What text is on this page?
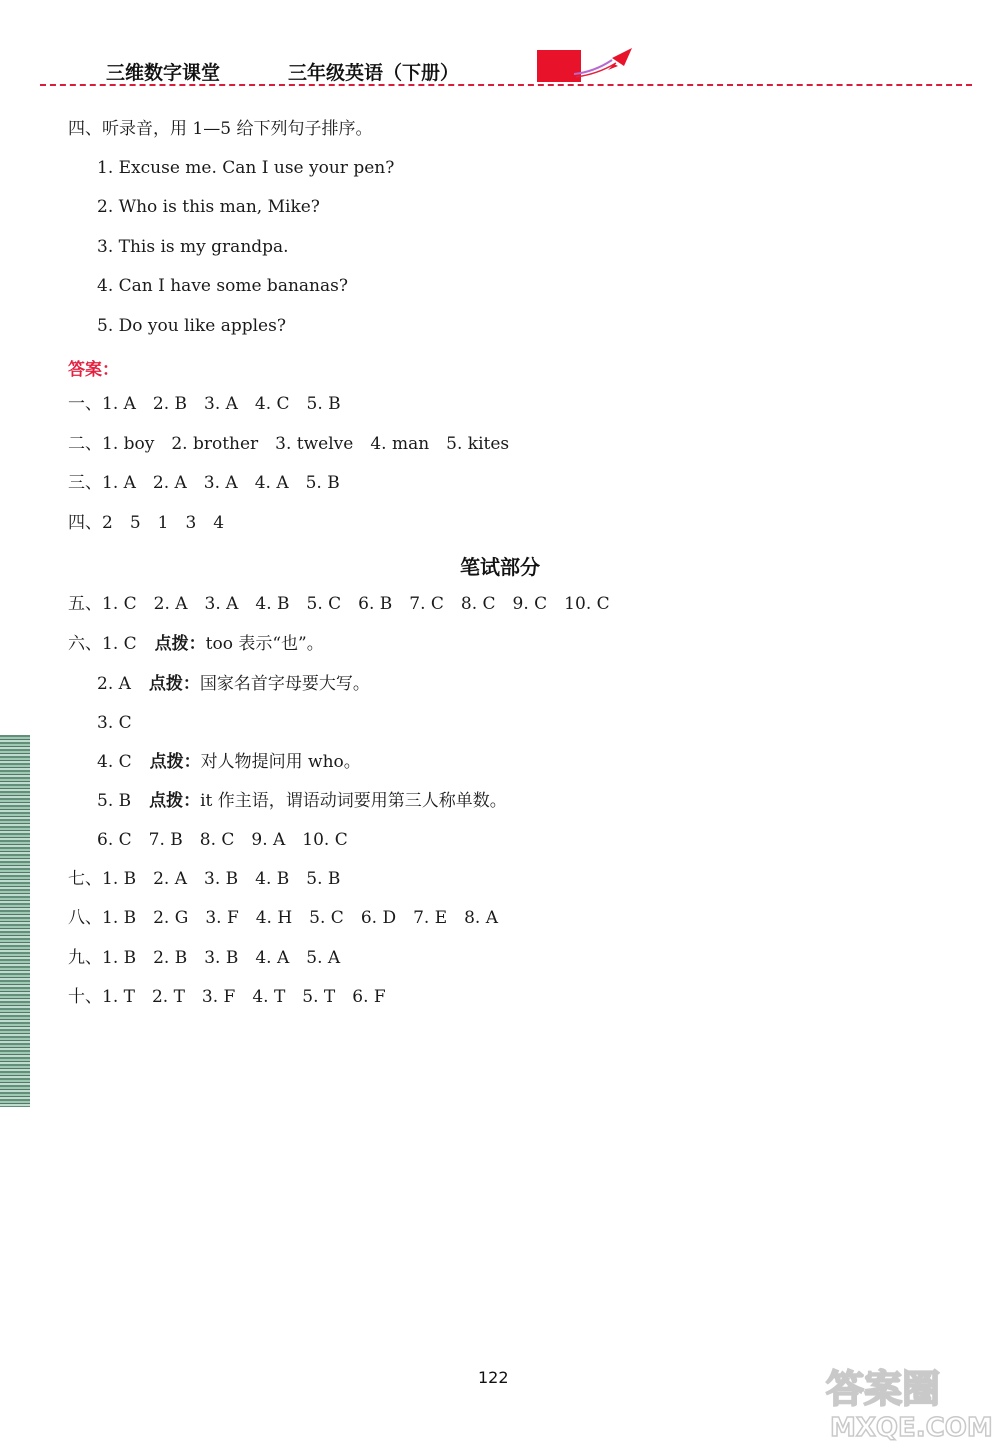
三维数字课堂	三年级英语（下册）
四、听录音，用 1—5 给下列句子排序。
1. Excuse me. Can I use your pen?
2. Who is this man, Mike?
3. This is my grandpa.
4. Can I have some bananas?
5. Do you like apples?
答案：
一、1. A　2. B　3. A　4. C　5. B
二、1. boy　2. brother　3. twelve　4. man　5. kites
三、1. A　2. A　3. A　4. A　5. B
四、2　5　1　3　4
笔试部分
五、1. C　2. A　3. A　4. B　5. C　6. B　7. C　8. C　9. C　10. C
六、1. C 点拨：too 表示“也”。
2. A 点拨：国家名首字母要大写。
3. C
4. C 点拨：对人物提问用 who。
5. B 点拨：it 作主语，谓语动词要用第三人称单数。
6. C　7. B　8. C　9. A　10. C
七、1. B　2. A　3. B　4. B　5. B
八、1. B　2. G　3. F　4. H　5. C　6. D　7. E　8. A
九、1. B　2. B　3. B　4. A　5. A
十、1. T　2. T　3. F　4. T　5. T　6. F
122	答案圈
MXQE.COM
